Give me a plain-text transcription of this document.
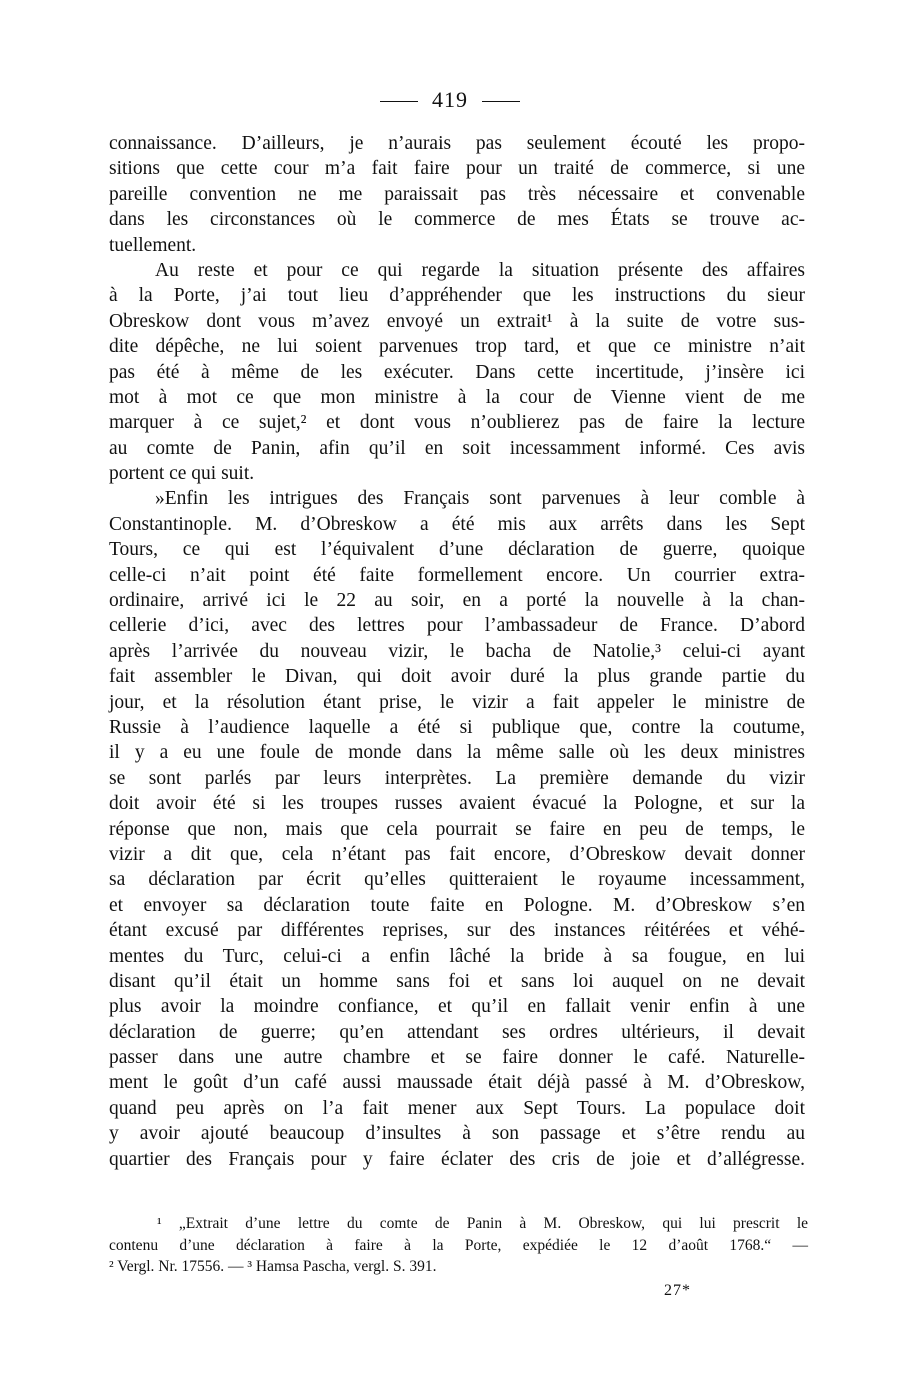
419
connaissance. D’ailleurs, je n’aurais pas seulement écouté les propo-
sitions que cette cour m’a fait faire pour un traité de commerce, si une
pareille convention ne me paraissait pas très nécessaire et convenable
dans les circonstances où le commerce de mes États se trouve ac-
tuellement.
Au reste et pour ce qui regarde la situation présente des affaires
à la Porte, j’ai tout lieu d’appréhender que les instructions du sieur
Obreskow dont vous m’avez envoyé un extrait¹ à la suite de votre sus-
dite dépêche, ne lui soient parvenues trop tard, et que ce ministre n’ait
pas été à même de les exécuter. Dans cette incertitude, j’insère ici
mot à mot ce que mon ministre à la cour de Vienne vient de me
marquer à ce sujet,² et dont vous n’oublierez pas de faire la lecture
au comte de Panin, afin qu’il en soit incessamment informé. Ces avis
portent ce qui suit.
»Enfin les intrigues des Français sont parvenues à leur comble à
Constantinople. M. d’Obreskow a été mis aux arrêts dans les Sept
Tours, ce qui est l’équivalent d’une déclaration de guerre, quoique
celle-ci n’ait point été faite formellement encore. Un courrier extra-
ordinaire, arrivé ici le 22 au soir, en a porté la nouvelle à la chan-
cellerie d’ici, avec des lettres pour l’ambassadeur de France. D’abord
après l’arrivée du nouveau vizir, le bacha de Natolie,³ celui-ci ayant
fait assembler le Divan, qui doit avoir duré la plus grande partie du
jour, et la résolution étant prise, le vizir a fait appeler le ministre de
Russie à l’audience laquelle a été si publique que, contre la coutume,
il y a eu une foule de monde dans la même salle où les deux ministres
se sont parlés par leurs interprètes. La première demande du vizir
doit avoir été si les troupes russes avaient évacué la Pologne, et sur la
réponse que non, mais que cela pourrait se faire en peu de temps, le
vizir a dit que, cela n’étant pas fait encore, d’Obreskow devait donner
sa déclaration par écrit qu’elles quitteraient le royaume incessamment,
et envoyer sa déclaration toute faite en Pologne. M. d’Obreskow s’en
étant excusé par différentes reprises, sur des instances réitérées et véhé-
mentes du Turc, celui-ci a enfin lâché la bride à sa fougue, en lui
disant qu’il était un homme sans foi et sans loi auquel on ne devait
plus avoir la moindre confiance, et qu’il en fallait venir enfin à une
déclaration de guerre; qu’en attendant ses ordres ultérieurs, il devait
passer dans une autre chambre et se faire donner le café. Naturelle-
ment le goût d’un café aussi maussade était déjà passé à M. d’Obreskow,
quand peu après on l’a fait mener aux Sept Tours. La populace doit
y avoir ajouté beaucoup d’insultes à son passage et s’être rendu au
quartier des Français pour y faire éclater des cris de joie et d’allégresse.
¹ „Extrait d’une lettre du comte de Panin à M. Obreskow, qui lui prescrit le
contenu d’une déclaration à faire à la Porte, expédiée le 12 d’août 1768.“ —
² Vergl. Nr. 17556. — ³ Hamsa Pascha, vergl. S. 391.
27*
